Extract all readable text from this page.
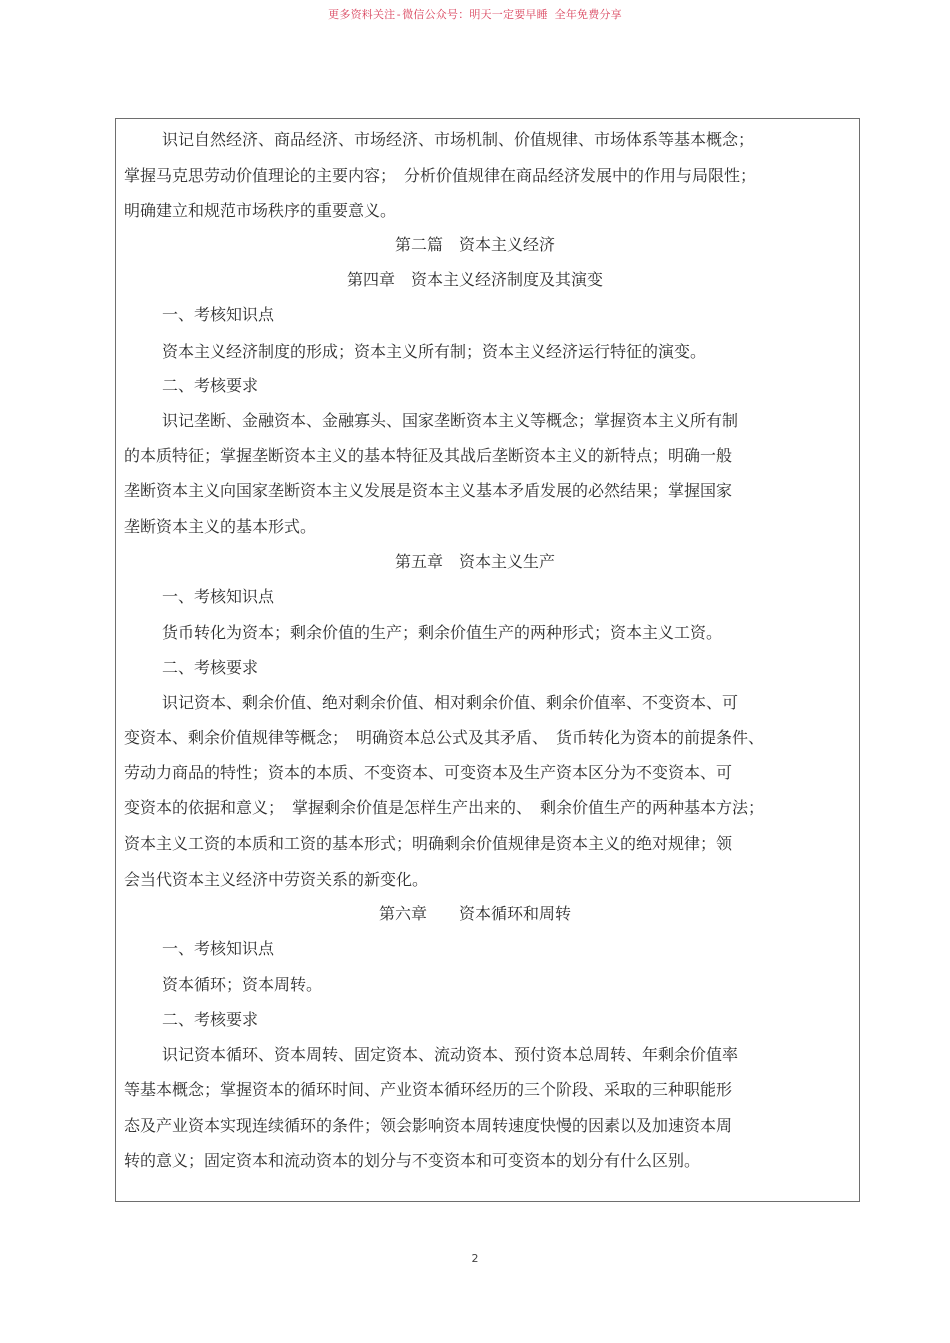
更多资料关注-微信公众号：明天一定要早睡 全年免费分享
识记自然经济、商品经济、市场经济、市场机制、价值规律、市场体系等基本概念；
掌握马克思劳动价值理论的主要内容；　分析价值规律在商品经济发展中的作用与局限性；
明确建立和规范市场秩序的重要意义。
第二篇　资本主义经济
第四章　资本主义经济制度及其演变
一、考核知识点
资本主义经济制度的形成；资本主义所有制；资本主义经济运行特征的演变。
二、考核要求
识记垄断、金融资本、金融寡头、国家垄断资本主义等概念；掌握资本主义所有制
的本质特征；掌握垄断资本主义的基本特征及其战后垄断资本主义的新特点；明确一般
垄断资本主义向国家垄断资本主义发展是资本主义基本矛盾发展的必然结果；掌握国家
垄断资本主义的基本形式。
第五章　资本主义生产
一、考核知识点
货币转化为资本；剩余价值的生产；剩余价值生产的两种形式；资本主义工资。
二、考核要求
识记资本、剩余价值、绝对剩余价值、相对剩余价值、剩余价值率、不变资本、可
变资本、剩余价值规律等概念；　明确资本总公式及其矛盾、　货币转化为资本的前提条件、
劳动力商品的特性；资本的本质、不变资本、可变资本及生产资本区分为不变资本、可
变资本的依据和意义；　掌握剩余价值是怎样生产出来的、　剩余价值生产的两种基本方法；
资本主义工资的本质和工资的基本形式；明确剩余价值规律是资本主义的绝对规律；领
会当代资本主义经济中劳资关系的新变化。
第六章　　资本循环和周转
一、考核知识点
资本循环；资本周转。
二、考核要求
识记资本循环、资本周转、固定资本、流动资本、预付资本总周转、年剩余价值率
等基本概念；掌握资本的循环时间、产业资本循环经历的三个阶段、采取的三种职能形
态及产业资本实现连续循环的条件；领会影响资本周转速度快慢的因素以及加速资本周
转的意义；固定资本和流动资本的划分与不变资本和可变资本的划分有什么区别。
2
